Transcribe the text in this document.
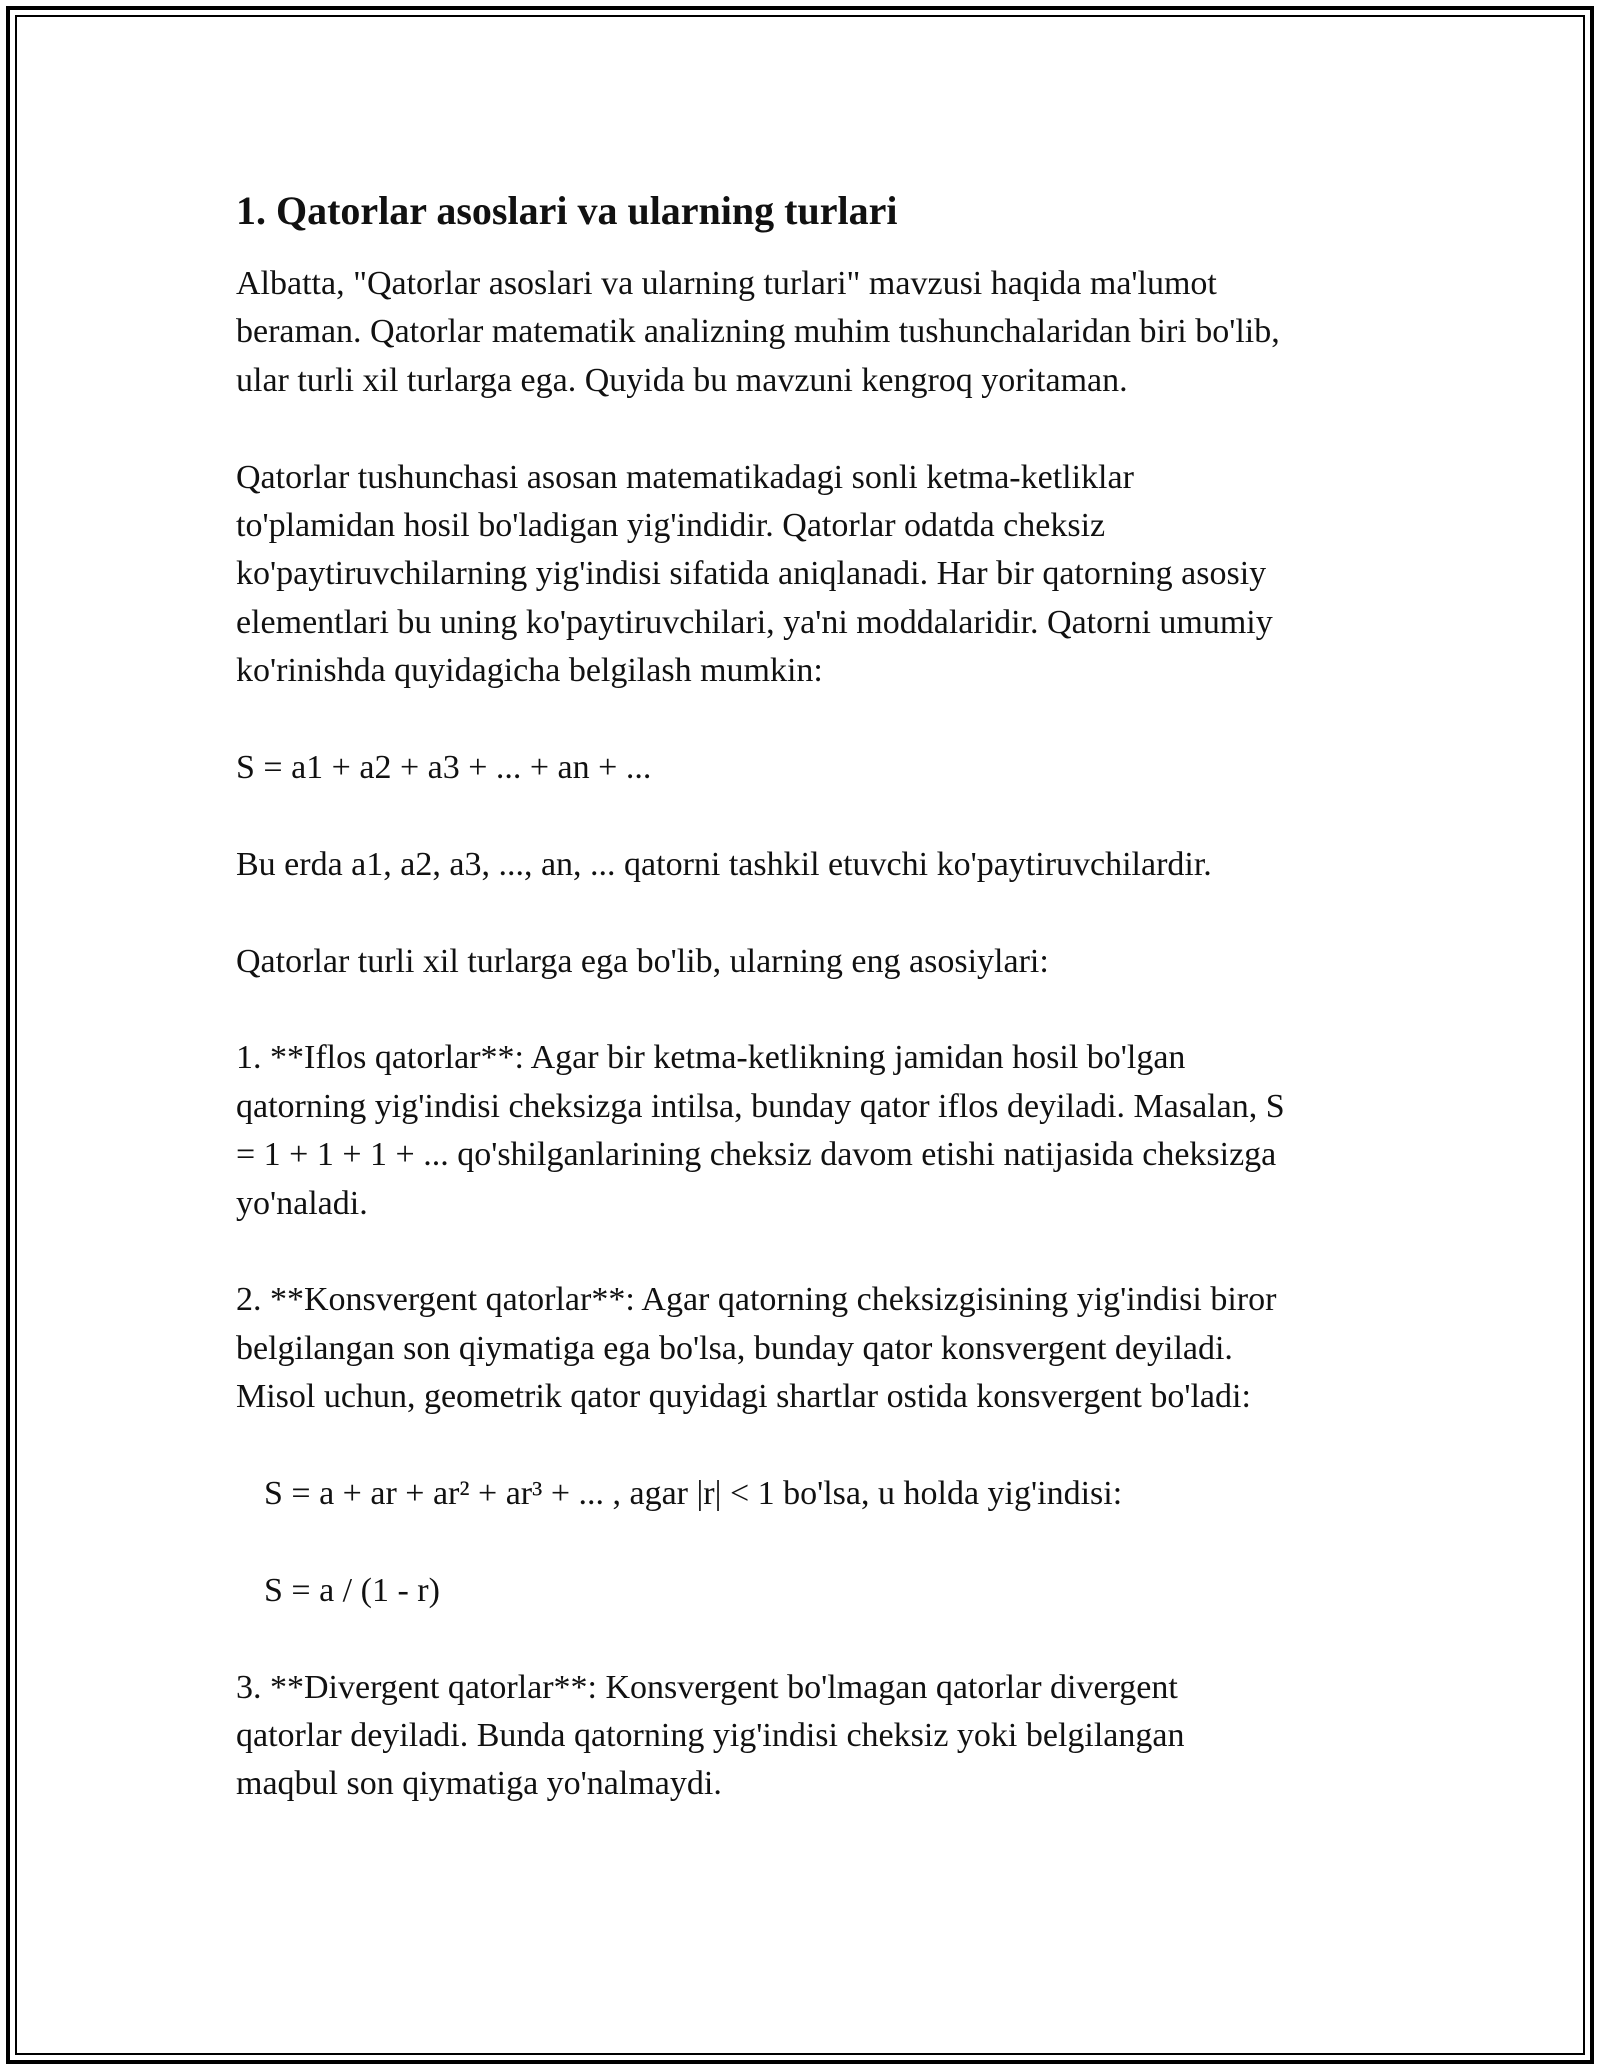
1. Qatorlar asoslari va ularning turlari

Albatta, "Qatorlar asoslari va ularning turlari" mavzusi haqida ma'lumot
beraman. Qatorlar matematik analizning muhim tushunchalaridan biri bo'lib,
ular turli xil turlarga ega. Quyida bu mavzuni kengroq yoritaman.

Qatorlar tushunchasi asosan matematikadagi sonli ketma-ketliklar
to'plamidan hosil bo'ladigan yig'indidir. Qatorlar odatda cheksiz
ko'paytiruvchilarning yig'indisi sifatida aniqlanadi. Har bir qatorning asosiy
elementlari bu uning ko'paytiruvchilari, ya'ni moddalaridir. Qatorni umumiy
ko'rinishda quyidagicha belgilash mumkin:

S = a1 + a2 + a3 + ... + an + ...

Bu erda a1, a2, a3, ..., an, ... qatorni tashkil etuvchi ko'paytiruvchilardir.

Qatorlar turli xil turlarga ega bo'lib, ularning eng asosiylari:

1. **Iflos qatorlar**: Agar bir ketma-ketlikning jamidan hosil bo'lgan
qatorning yig'indisi cheksizga intilsa, bunday qator iflos deyiladi. Masalan, S
= 1 + 1 + 1 + ... qo'shilganlarining cheksiz davom etishi natijasida cheksizga
yo'naladi.

2. **Konsvergent qatorlar**: Agar qatorning cheksizgisining yig'indisi biror
belgilangan son qiymatiga ega bo'lsa, bunday qator konsvergent deyiladi.
Misol uchun, geometrik qator quyidagi shartlar ostida konsvergent bo'ladi:

S = a + ar + ar² + ar³ + ... , agar |r| < 1 bo'lsa, u holda yig'indisi:

S = a / (1 - r)

3. **Divergent qatorlar**: Konsvergent bo'lmagan qatorlar divergent
qatorlar deyiladi. Bunda qatorning yig'indisi cheksiz yoki belgilangan
maqbul son qiymatiga yo'nalmaydi.
